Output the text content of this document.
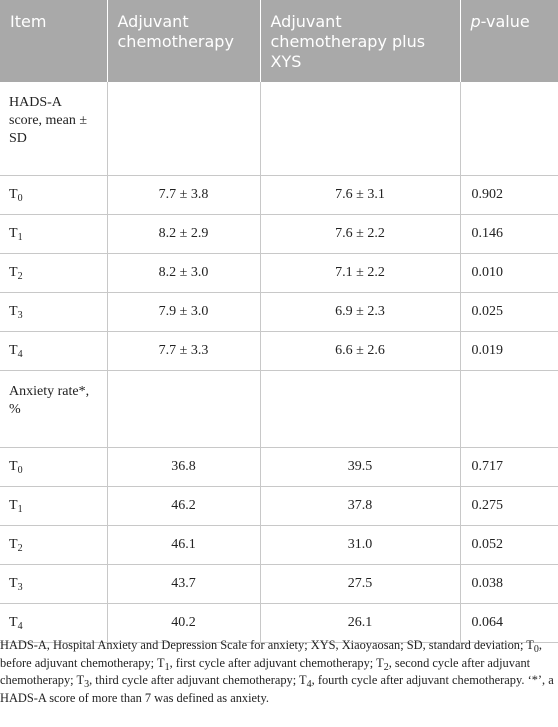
Item	Adjuvant chemotherapy	Adjuvant chemotherapy plus XYS	p-value
HADS-A score, mean ± SD			
$T_0$	7.7 ± 3.8	7.6 ± 3.1	0.902
$T_1$	8.2 ± 2.9	7.6 ± 2.2	0.146
$T_2$	8.2 ± 3.0	7.1 ± 2.2	0.010
$T_3$	7.9 ± 3.0	6.9 ± 2.3	0.025
$T_4$	7.7 ± 3.3	6.6 ± 2.6	0.019
Anxiety rate*, %			
$T_0$	36.8	39.5	0.717
$T_1$	46.2	37.8	0.275
$T_2$	46.1	31.0	0.052
$T_3$	43.7	27.5	0.038
$T_4$	40.2	26.1	0.064
HADS-A, Hospital Anxiety and Depression Scale for anxiety; XYS, Xiaoyaosan; SD, standard deviation; $T_0$, before adjuvant chemotherapy; $T_1$, first cycle after adjuvant chemotherapy; $T_2$, second cycle after adjuvant chemotherapy; $T_3$, third cycle after adjuvant chemotherapy; $T_4$, fourth cycle after adjuvant chemotherapy. ‘*’, a HADS-A score of more than 7 was defined as anxiety.
